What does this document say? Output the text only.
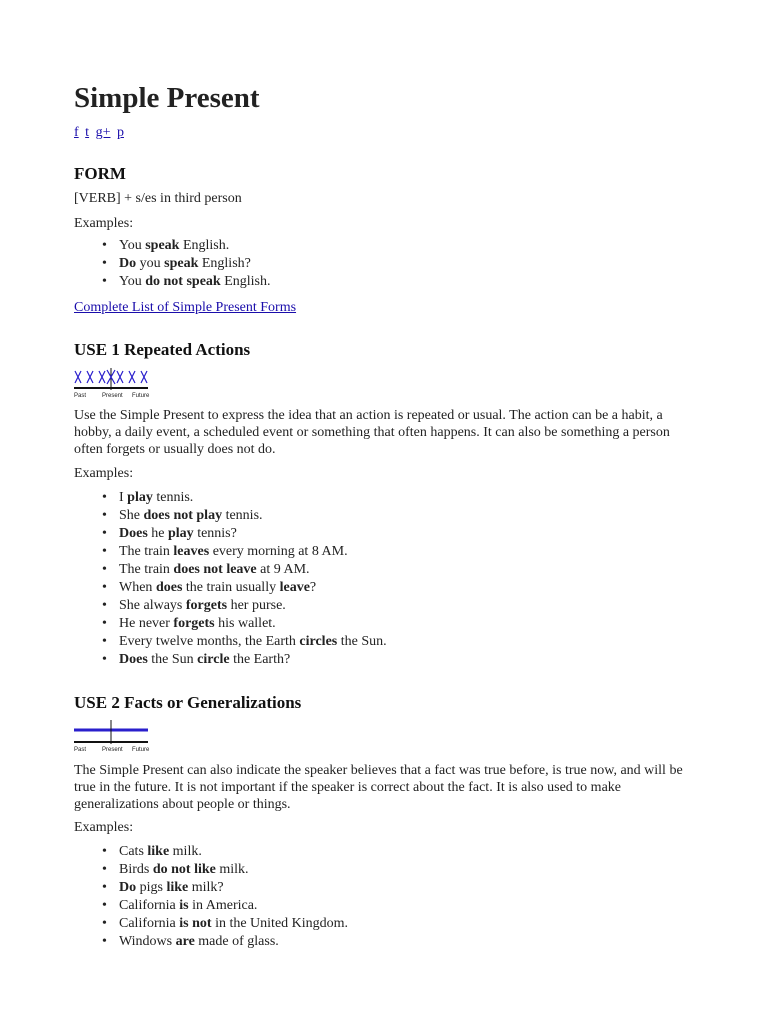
Simple Present
f t g+ p
FORM

[VERB] + s/es in third person

Examples:

• You speak English.
• Do you speak English?
• You do not speak English.
Complete List of Simple Present Forms
USE 1 Repeated Actions
Past	Present Future

Use the Simple Present to express the idea that an action is repeated or usual. The action can be a habit, a hobby, a daily event, a scheduled event or something that often happens. It can also be something a person often forgets or usually does not do.

Examples:

• I play tennis.
• She does not play tennis.
• Does he play tennis?
• The train leaves every morning at 8 AM.
• The train does not leave at 9 AM.
• When does the train usually leave?
• She always forgets her purse.
• He never forgets his wallet.
• Every twelve months, the Earth circles the Sun.
• Does the Sun circle the Earth?
USE 2 Facts or Generalizations
Past	Present Future

The Simple Present can also indicate the speaker believes that a fact was true before, is true now, and will be true in the future. It is not important if the speaker is correct about the fact. It is also used to make generalizations about people or things.

Examples:

• Cats like milk.
• Birds do not like milk.
• Do pigs like milk?
• California is in America.
• California is not in the United Kingdom.
• Windows are made of glass.
